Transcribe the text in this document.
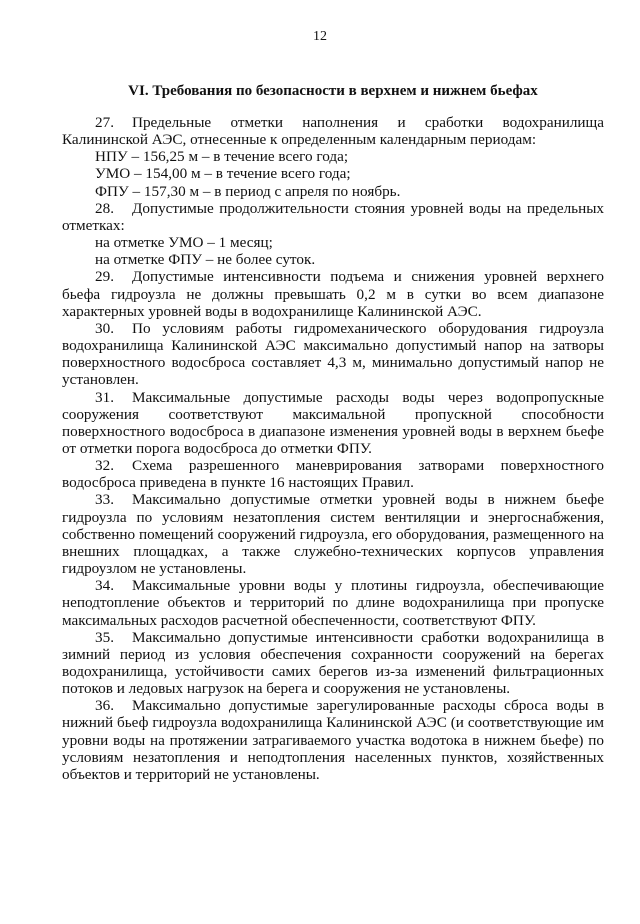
12
VI. Требования по безопасности в верхнем и нижнем бьефах

27. Предельные отметки наполнения и сработки водохранилища Калининской АЭС, отнесенные к определенным календарным периодам:

НПУ – 156,25 м – в течение всего года;

УМО – 154,00 м – в течение всего года;

ФПУ – 157,30 м – в период с апреля по ноябрь.

28. Допустимые продолжительности стояния уровней воды на предельных отметках:

на отметке УМО – 1 месяц;

на отметке ФПУ – не более суток.

29. Допустимые интенсивности подъема и снижения уровней верхнего бьефа гидроузла не должны превышать 0,2 м в сутки во всем диапазоне характерных уровней воды в водохранилище Калининской АЭС.

30. По условиям работы гидромеханического оборудования гидроузла водохранилища Калининской АЭС максимально допустимый напор на затворы поверхностного водосброса составляет 4,3 м, минимально допустимый напор не установлен.

31. Максимальные допустимые расходы воды через водопропускные сооружения соответствуют максимальной пропускной способности поверхностного водосброса в диапазоне изменения уровней воды в верхнем бьефе от отметки порога водосброса до отметки ФПУ.

32. Схема разрешенного маневрирования затворами поверхностного водосброса приведена в пункте 16 настоящих Правил.

33. Максимально допустимые отметки уровней воды в нижнем бьефе гидроузла по условиям незатопления систем вентиляции и энергоснабжения, собственно помещений сооружений гидроузла, его оборудования, размещенного на внешних площадках, а также служебно-технических корпусов управления гидроузлом не установлены.

34. Максимальные уровни воды у плотины гидроузла, обеспечивающие неподтопление объектов и территорий по длине водохранилища при пропуске максимальных расходов расчетной обеспеченности, соответствуют ФПУ.

35. Максимально допустимые интенсивности сработки водохранилища в зимний период из условия обеспечения сохранности сооружений на берегах водохранилища, устойчивости самих берегов из-за изменений фильтрационных потоков и ледовых нагрузок на берега и сооружения не установлены.

36. Максимально допустимые зарегулированные расходы сброса воды в нижний бьеф гидроузла водохранилища Калининской АЭС (и соответствующие им уровни воды на протяжении затрагиваемого участка водотока в нижнем бьефе) по условиям незатопления и неподтопления населенных пунктов, хозяйственных объектов и территорий не установлены.
